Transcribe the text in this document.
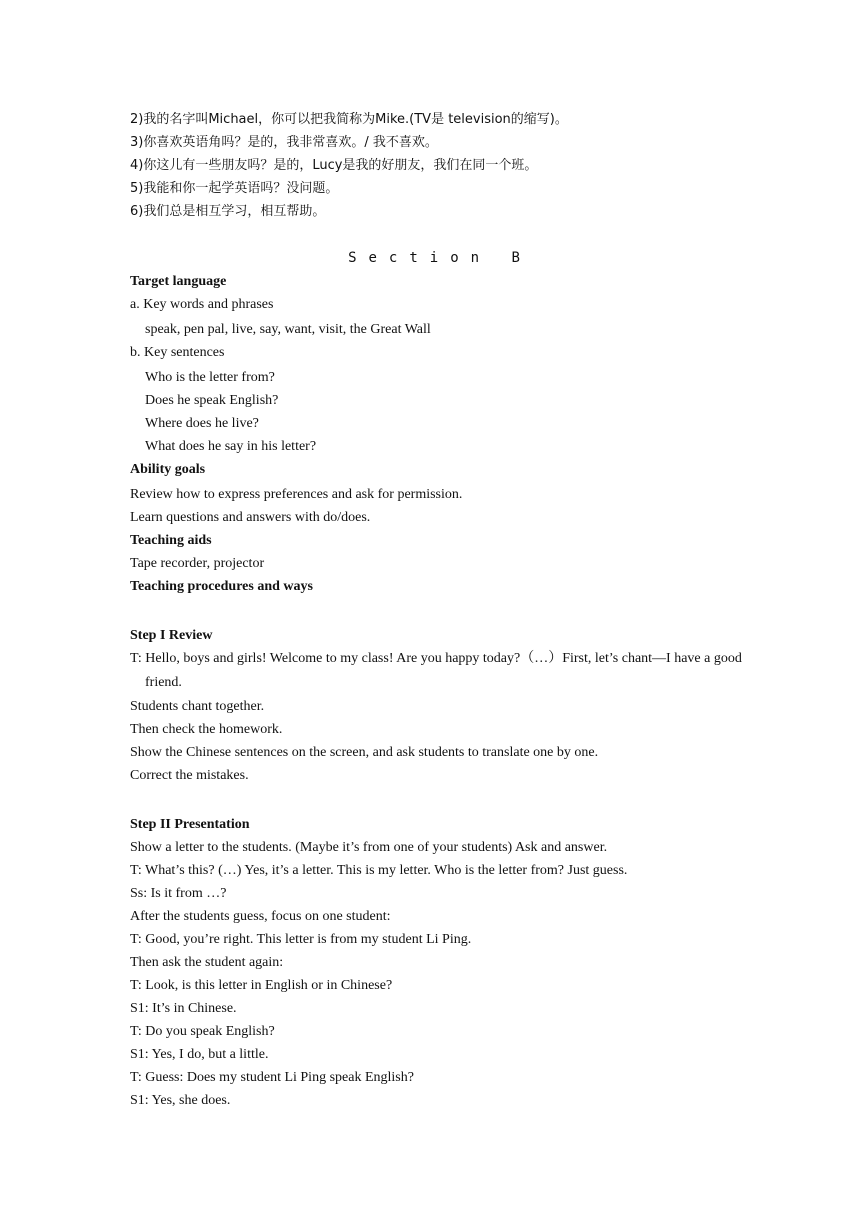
2)我的名字叫Michael，你可以把我简称为Mike.(TV是 television的缩写)。
3)你喜欢英语角吗？是的，我非常喜欢。/ 我不喜欢。
4)你这儿有一些朋友吗？是的，Lucy是我的好朋友，我们在同一个班。
5)我能和你一起学英语吗？没问题。
6)我们总是相互学习，相互帮助。
Section B
Target language
a. Key words and phrases
speak, pen pal, live, say, want, visit, the Great Wall
b. Key sentences
Who is the letter from?
Does he speak English?
Where does he live?
What does he say in his letter?
Ability goals
Review how to express preferences and ask for permission.
Learn questions and answers with do/does.
Teaching aids
Tape recorder, projector
Teaching procedures and ways
Step I Review
T: Hello, boys and girls! Welcome to my class! Are you happy today?（…）First, let’s chant—I have a good friend.
Students chant together.
Then check the homework.
Show the Chinese sentences on the screen, and ask students to translate one by one.
Correct the mistakes.
Step II Presentation
Show a letter to the students. (Maybe it’s from one of your students) Ask and answer.
T: What’s this? (…) Yes, it’s a letter. This is my letter. Who is the letter from? Just guess.
Ss: Is it from …?
After the students guess, focus on one student:
T: Good, you’re right. This letter is from my student Li Ping.
Then ask the student again:
T: Look, is this letter in English or in Chinese?
S1: It’s in Chinese.
T: Do you speak English?
S1: Yes, I do, but a little.
T: Guess: Does my student Li Ping speak English?
S1: Yes, she does.
